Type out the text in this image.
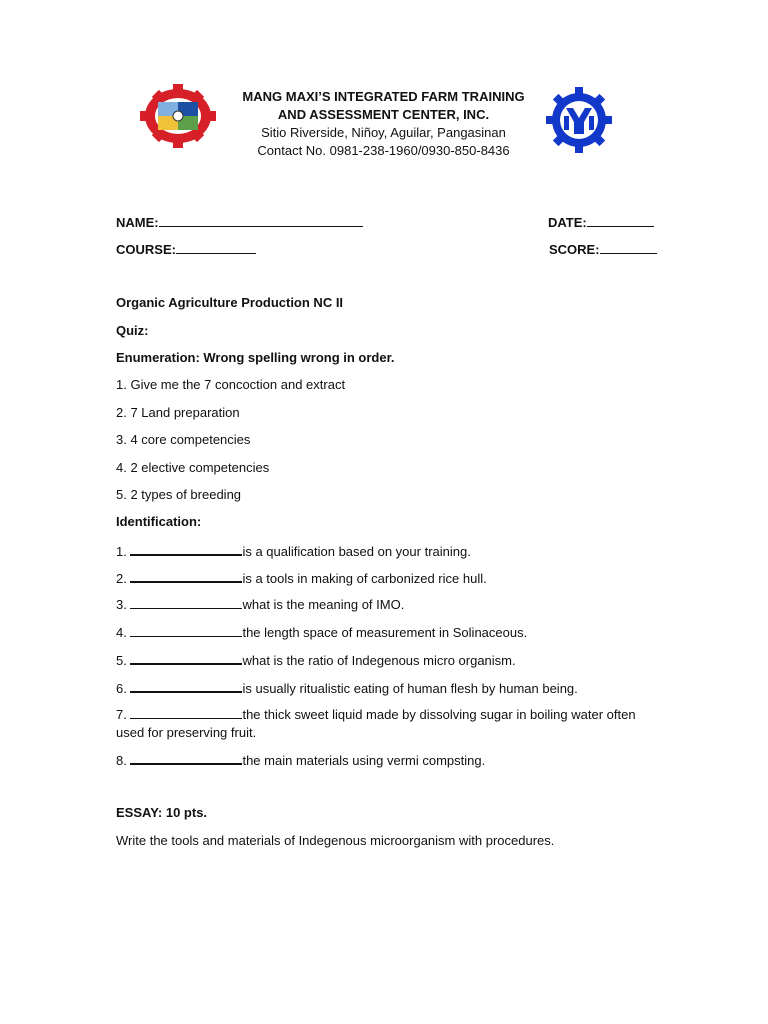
MANG MAXI’S INTEGRATED FARM TRAINING
AND ASSESSMENT CENTER, INC.
Sitio Riverside, Niñoy, Aguilar, Pangasinan
Contact No. 0981-238-1960/0930-850-8436
NAME:	DATE:
COURSE:	SCORE:
Organic Agriculture Production NC II
Quiz:
Enumeration: Wrong spelling wrong in order.
1. Give me the 7 concoction and extract
2. 7 Land preparation
3. 4 core competencies
4. 2 elective competencies
5. 2 types of breeding
Identification:
1.	is a qualification based on your training.
2.	is a tools in making of carbonized rice hull.
3.	what is the meaning of IMO.
4.	the length space of measurement in Solinaceous.
5.	what is the ratio of Indegenous micro organism.
6.	is usually ritualistic eating of human flesh by human being.
7.	the thick sweet liquid made by dissolving sugar in boiling water often used for preserving fruit.
8.	the main materials using vermi compsting.
ESSAY: 10 pts.
Write the tools and materials of Indegenous microorganism with procedures.
